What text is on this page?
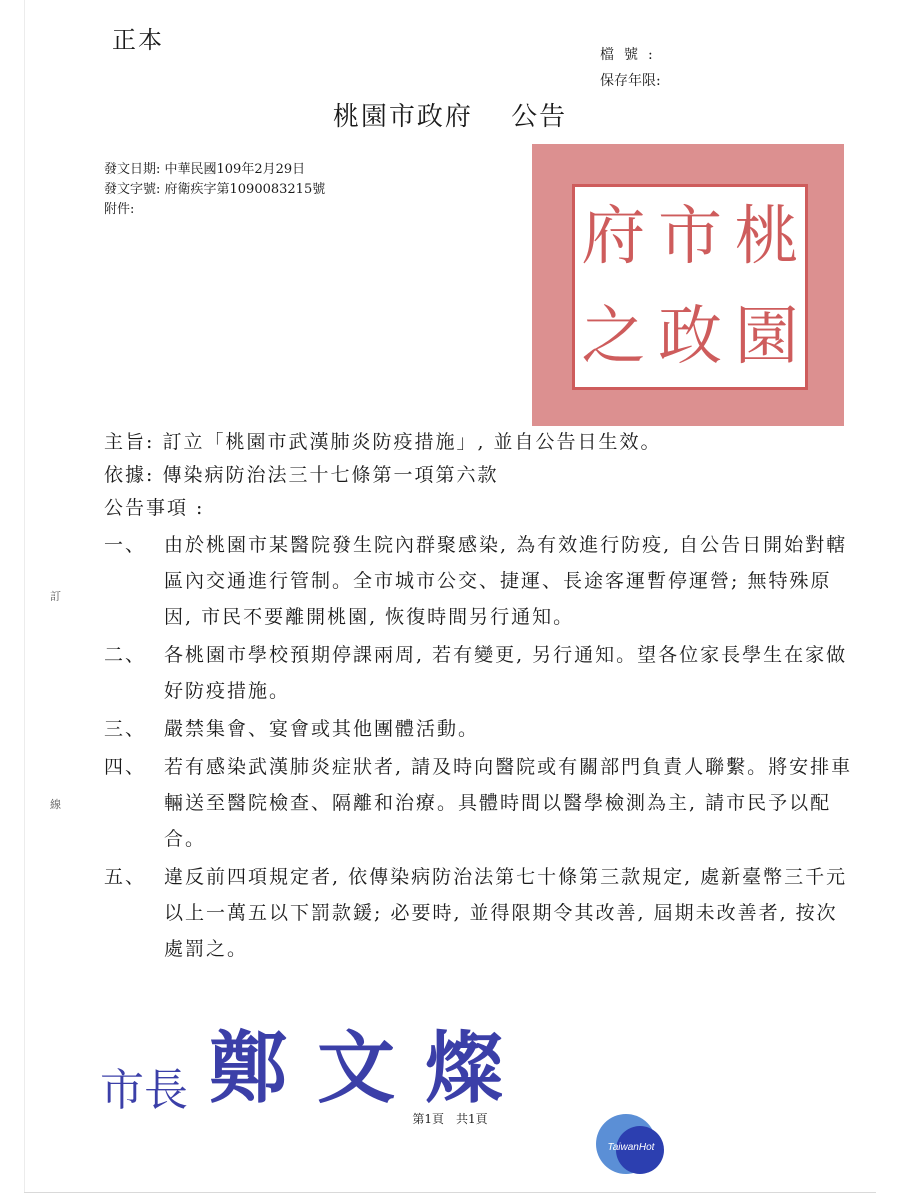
正本
檔號:
保存年限:
桃園市政府 公告
發文日期: 中華民國109年2月29日
發文字號: 府衛疾字第1090083215號
附件:	府 市 桃
之 政 園
主旨: 訂立「桃園市武漢肺炎防疫措施」, 並自公告日生效。
依據: 傳染病防治法三十七條第一項第六款
公告事項 :
一、 由於桃園市某醫院發生院內群聚感染, 為有效進行防疫, 自公告日開始對轄區內交通進行管制。全市城市公交、捷運、長途客運暫停運營; 無特殊原因, 市民不要離開桃園, 恢復時間另行通知。
二、 各桃園市學校預期停課兩周, 若有變更, 另行通知。望各位家長學生在家做好防疫措施。
三、 嚴禁集會、宴會或其他團體活動。
四、 若有感染武漢肺炎症狀者, 請及時向醫院或有關部門負責人聯繫。將安排車輛送至醫院檢查、隔離和治療。具體時間以醫學檢測為主, 請市民予以配合。
五、 違反前四項規定者, 依傳染病防治法第七十條第三款規定, 處新臺幣三千元以上一萬五以下罰款鍰; 必要時, 並得限期令其改善, 屆期未改善者, 按次處罰之。
訂
線
市長 鄭文燦
第1頁　共1頁
TaiwanHot
